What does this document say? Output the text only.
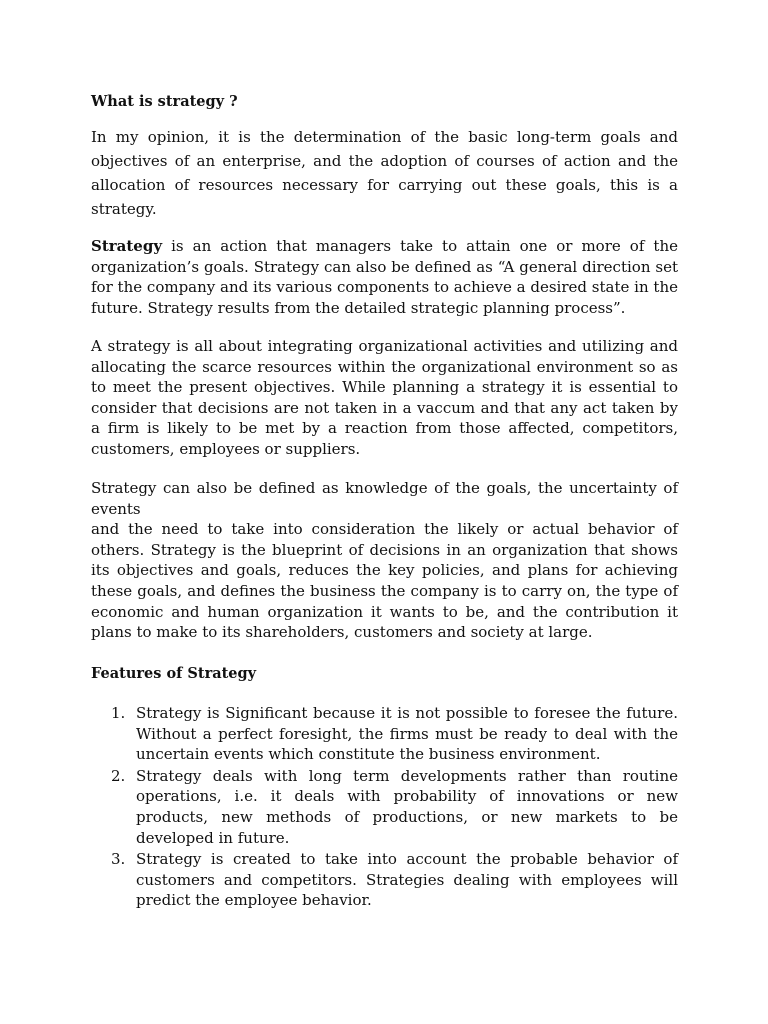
What is strategy ?

In my opinion, it is the determination of the basic long-term goals and objectives of an enterprise, and the adoption of courses of action and the allocation of resources necessary for carrying out these goals, this is a strategy.

Strategy is an action that managers take to attain one or more of the organization’s goals. Strategy can also be defined as “A general direction set for the company and its various components to achieve a desired state in the future. Strategy results from the detailed strategic planning process”.

A strategy is all about integrating organizational activities and utilizing and allocating the scarce resources within the organizational environment so as to meet the present objectives. While planning a strategy it is essential to consider that decisions are not taken in a vaccum and that any act taken by a firm is likely to be met by a reaction from those affected, competitors, customers, employees or suppliers.

Strategy can also be defined as knowledge of the goals, the uncertainty of events
and the need to take into consideration the likely or actual behavior of others. Strategy is the blueprint of decisions in an organization that shows its objectives and goals, reduces the key policies, and plans for achieving these goals, and defines the business the company is to carry on, the type of economic and human organization it wants to be, and the contribution it plans to make to its shareholders, customers and society at large.

Features of Strategy
1. Strategy is Significant because it is not possible to foresee the future. Without a perfect foresight, the firms must be ready to deal with the uncertain events which constitute the business environment.
2. Strategy deals with long term developments rather than routine operations, i.e. it deals with probability of innovations or new products, new methods of productions, or new markets to be developed in future.
3. Strategy is created to take into account the probable behavior of customers and competitors. Strategies dealing with employees will predict the employee behavior.
